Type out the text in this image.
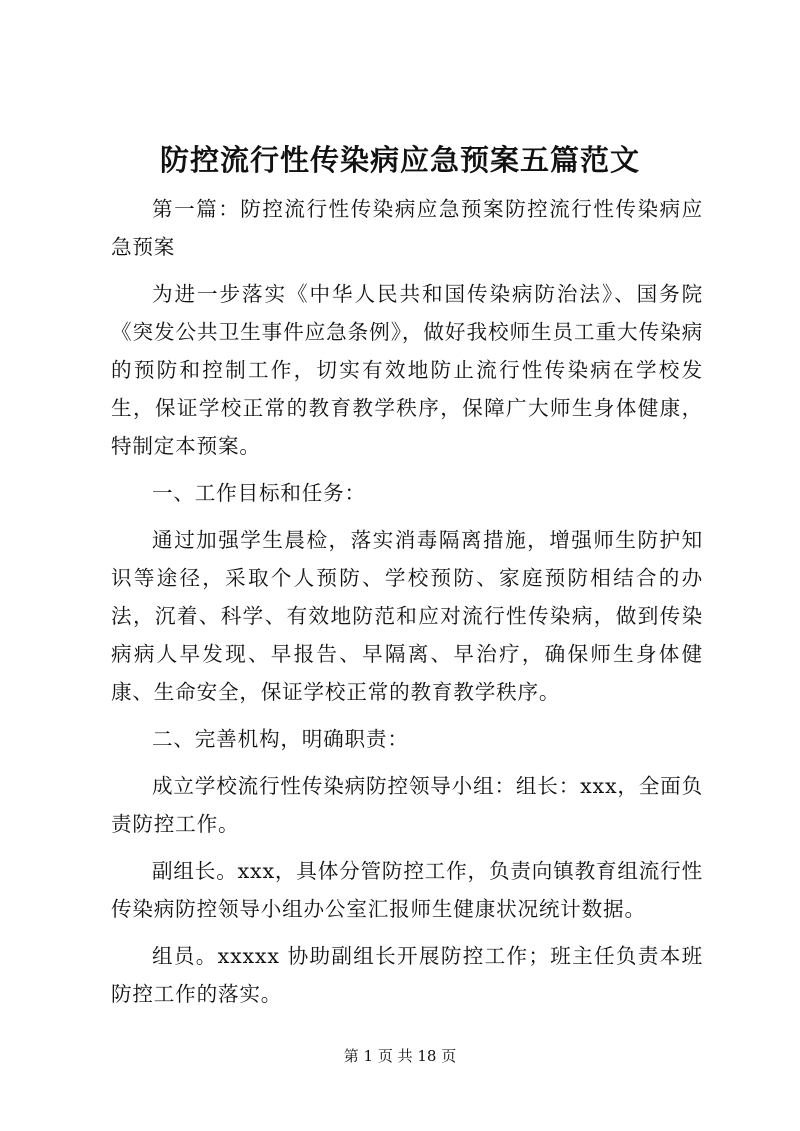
防控流行性传染病应急预案五篇范文

第一篇：防控流行性传染病应急预案防控流行性传染病应急预案

为进一步落实《中华人民共和国传染病防治法》、国务院《突发公共卫生事件应急条例》，做好我校师生员工重大传染病的预防和控制工作，切实有效地防止流行性传染病在学校发生，保证学校正常的教育教学秩序，保障广大师生身体健康，特制定本预案。

一、工作目标和任务：

通过加强学生晨检，落实消毒隔离措施，增强师生防护知识等途径，采取个人预防、学校预防、家庭预防相结合的办法，沉着、科学、有效地防范和应对流行性传染病，做到传染病病人早发现、早报告、早隔离、早治疗，确保师生身体健康、生命安全，保证学校正常的教育教学秩序。

二、完善机构，明确职责：

成立学校流行性传染病防控领导小组：组长：xxx，全面负责防控工作。

副组长。xxx，具体分管防控工作，负责向镇教育组流行性传染病防控领导小组办公室汇报师生健康状况统计数据。

组员。xxxxx 协助副组长开展防控工作；班主任负责本班防控工作的落实。

第 1 页 共 18 页
